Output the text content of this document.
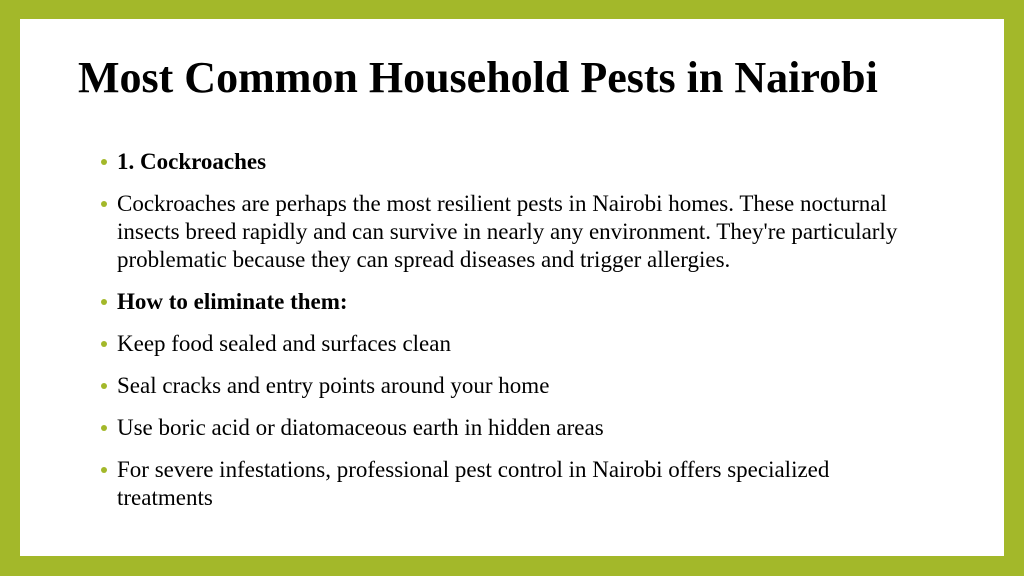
Most Common Household Pests in Nairobi
1. Cockroaches
Cockroaches are perhaps the most resilient pests in Nairobi homes. These nocturnal insects breed rapidly and can survive in nearly any environment. They're particularly problematic because they can spread diseases and trigger allergies.
How to eliminate them:
Keep food sealed and surfaces clean
Seal cracks and entry points around your home
Use boric acid or diatomaceous earth in hidden areas
For severe infestations, professional pest control in Nairobi offers specialized treatments
